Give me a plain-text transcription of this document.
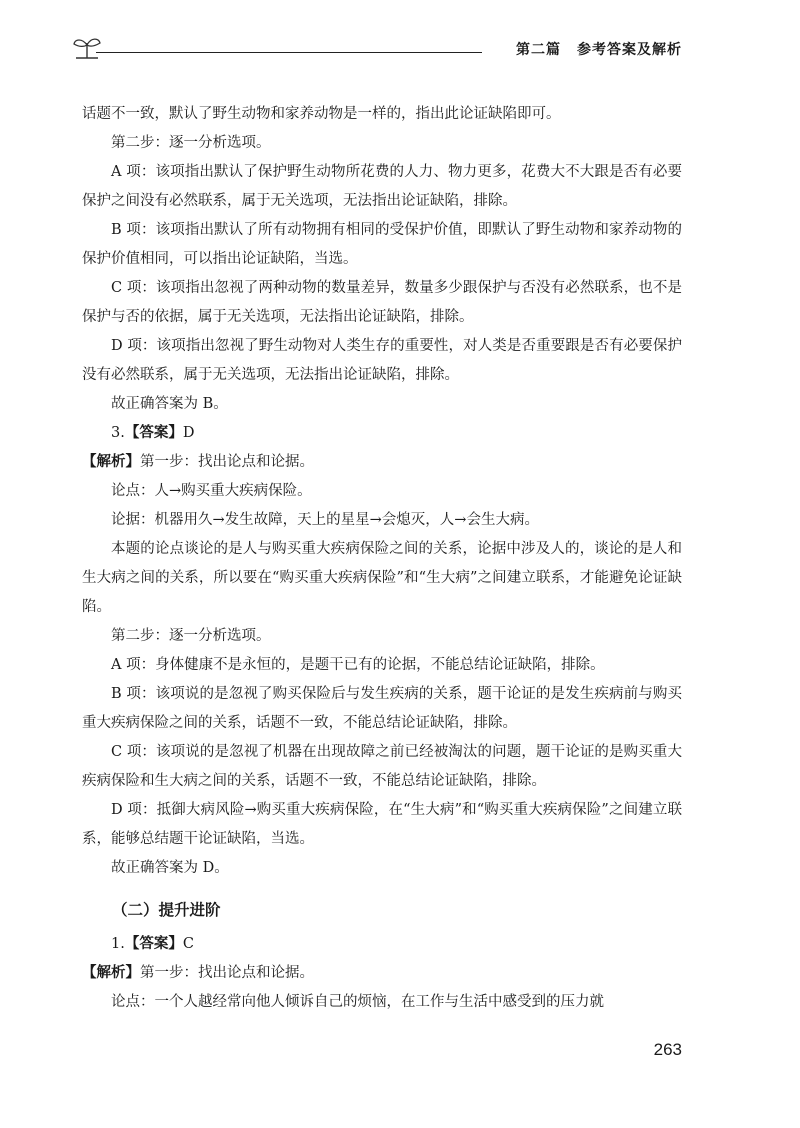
第二篇 参考答案及解析

话题不一致，默认了野生动物和家养动物是一样的，指出此论证缺陷即可。

第二步：逐一分析选项。

A 项：该项指出默认了保护野生动物所花费的人力、物力更多，花费大不大跟是否有必要保护之间没有必然联系，属于无关选项，无法指出论证缺陷，排除。

B 项：该项指出默认了所有动物拥有相同的受保护价值，即默认了野生动物和家养动物的保护价值相同，可以指出论证缺陷，当选。

C 项：该项指出忽视了两种动物的数量差异，数量多少跟保护与否没有必然联系，也不是保护与否的依据，属于无关选项，无法指出论证缺陷，排除。

D 项：该项指出忽视了野生动物对人类生存的重要性，对人类是否重要跟是否有必要保护没有必然联系，属于无关选项，无法指出论证缺陷，排除。

故正确答案为 B。

3.【答案】D

【解析】第一步：找出论点和论据。

论点：人→购买重大疾病保险。

论据：机器用久→发生故障，天上的星星→会熄灭，人→会生大病。

本题的论点谈论的是人与购买重大疾病保险之间的关系，论据中涉及人的，谈论的是人和生大病之间的关系，所以要在“购买重大疾病保险”和“生大病”之间建立联系，才能避免论证缺陷。

第二步：逐一分析选项。

A 项：身体健康不是永恒的，是题干已有的论据，不能总结论证缺陷，排除。

B 项：该项说的是忽视了购买保险后与发生疾病的关系，题干论证的是发生疾病前与购买重大疾病保险之间的关系，话题不一致，不能总结论证缺陷，排除。

C 项：该项说的是忽视了机器在出现故障之前已经被淘汰的问题，题干论证的是购买重大疾病保险和生大病之间的关系，话题不一致，不能总结论证缺陷，排除。

D 项：抵御大病风险→购买重大疾病保险，在“生大病”和“购买重大疾病保险”之间建立联系，能够总结题干论证缺陷，当选。

故正确答案为 D。

（二）提升进阶

1.【答案】C

【解析】第一步：找出论点和论据。

论点：一个人越经常向他人倾诉自己的烦恼，在工作与生活中感受到的压力就

263
